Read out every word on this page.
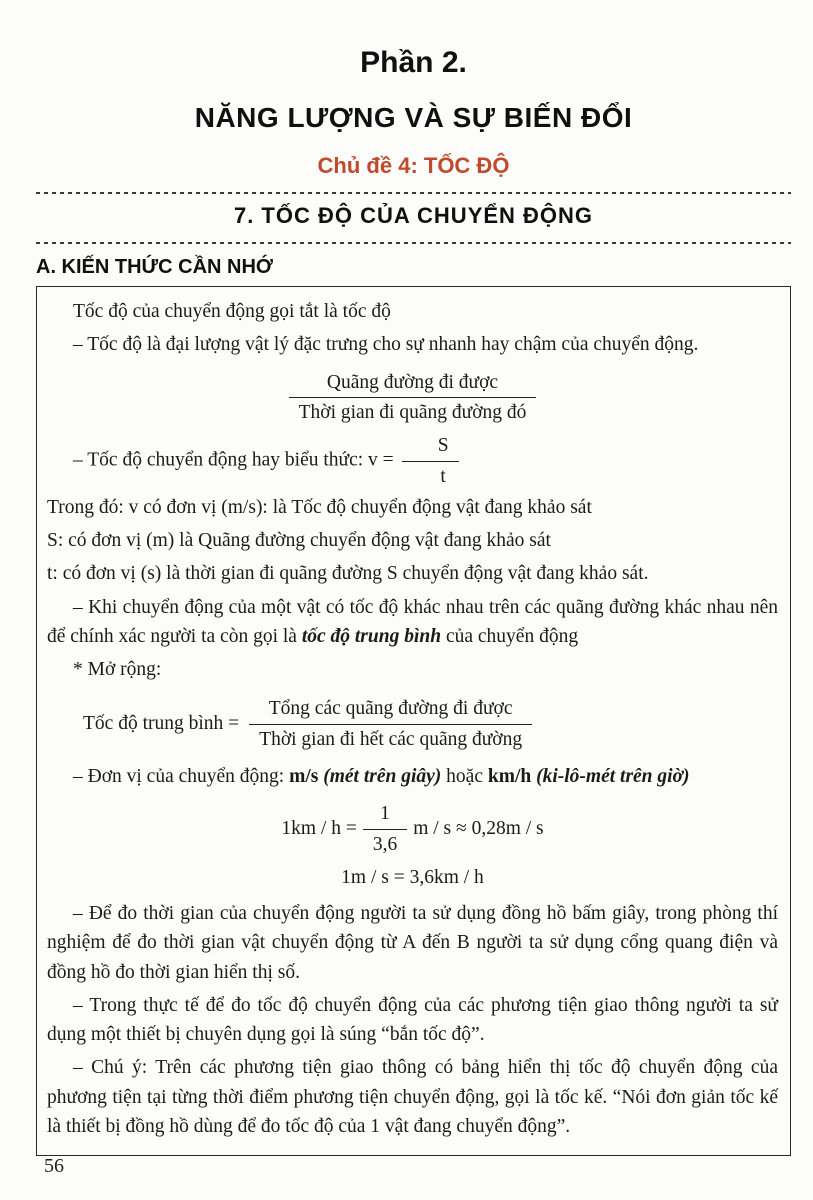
Phần 2.
NĂNG LƯỢNG VÀ SỰ BIẾN ĐỔI
Chủ đề 4: TỐC ĐỘ
7. TỐC ĐỘ CỦA CHUYỂN ĐỘNG
A. KIẾN THỨC CẦN NHỚ

Tốc độ của chuyển động gọi tắt là tốc độ

– Tốc độ là đại lượng vật lý đặc trưng cho sự nhanh hay chậm của chuyển động.

$\frac{\text{Quãng đường đi được}}{\text{Thời gian đi quãng đường đó}}$

– Tốc độ chuyển động hay biểu thức: $v = \frac{S}{t}$

Trong đó: v có đơn vị (m/s): là Tốc độ chuyển động vật đang khảo sát

S: có đơn vị (m) là Quãng đường chuyển động vật đang khảo sát

t: có đơn vị (s) là thời gian đi quãng đường S chuyển động vật đang khảo sát.

– Khi chuyển động của một vật có tốc độ khác nhau trên các quãng đường khác nhau nên để chính xác người ta còn gọi là tốc độ trung bình của chuyển động

* Mở rộng:

Tốc độ trung bình = $\frac{\text{Tổng các quãng đường đi được}}{\text{Thời gian đi hết các quãng đường}}$

– Đơn vị của chuyển động: m/s (mét trên giây) hoặc km/h (ki-lô-mét trên giờ)

$1km / h = \frac{1}{3,6}$ m / s ≈ 0,28m / s
1m / s = 3,6km / h

– Để đo thời gian của chuyển động người ta sử dụng đồng hồ bấm giây, trong phòng thí nghiệm để đo thời gian vật chuyển động từ A đến B người ta sử dụng cổng quang điện và đồng hồ đo thời gian hiển thị số.

– Trong thực tế để đo tốc độ chuyển động của các phương tiện giao thông người ta sử dụng một thiết bị chuyên dụng gọi là súng “bắn tốc độ”.

– Chú ý: Trên các phương tiện giao thông có bảng hiển thị tốc độ chuyển động của phương tiện tại từng thời điểm phương tiện chuyển động, gọi là tốc kế. “Nói đơn giản tốc kế là thiết bị đồng hồ dùng để đo tốc độ của 1 vật đang chuyển động”.

56
